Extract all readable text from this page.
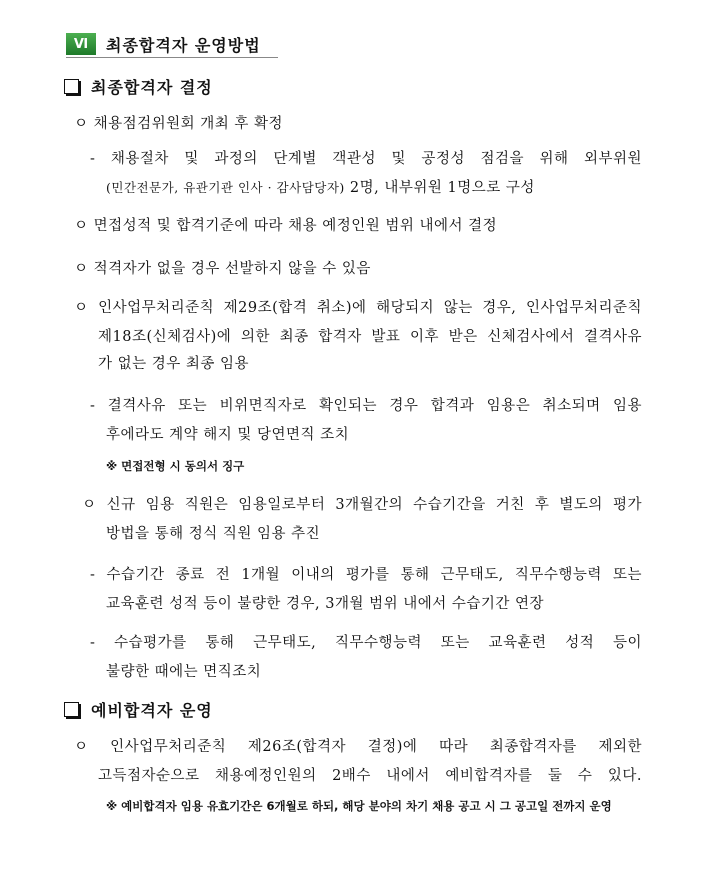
Ⅵ	최종합격자 운영방법
최종합격자 결정
ㅇ 채용점검위원회 개최 후 확정
- 채용절차 및 과정의 단계별 객관성 및 공정성 점검을 위해 외부위원
(민간전문가, 유관기관 인사 · 감사담당자) 2명, 내부위원 1명으로 구성
ㅇ 면접성적 및 합격기준에 따라 채용 예정인원 범위 내에서 결정
ㅇ 적격자가 없을 경우 선발하지 않을 수 있음
ㅇ 인사업무처리준칙 제29조(합격 취소)에 해당되지 않는 경우, 인사업무처리준칙
제18조(신체검사)에 의한 최종 합격자 발표 이후 받은 신체검사에서 결격사유
가 없는 경우 최종 임용
- 결격사유 또는 비위면직자로 확인되는 경우 합격과 임용은 취소되며 임용
후에라도 계약 해지 및 당연면직 조치
※ 면접전형 시 동의서 징구
ㅇ 신규 임용 직원은 임용일로부터 3개월간의 수습기간을 거친 후 별도의 평가
방법을 통해 정식 직원 임용 추진
- 수습기간 종료 전 1개월 이내의 평가를 통해 근무태도, 직무수행능력 또는
교육훈련 성적 등이 불량한 경우, 3개월 범위 내에서 수습기간 연장
- 수습평가를 통해 근무태도, 직무수행능력 또는 교육훈련 성적 등이
불량한 때에는 면직조치
예비합격자 운영
ㅇ 인사업무처리준칙 제26조(합격자 결정)에 따라 최종합격자를 제외한
고득점자순으로 채용예정인원의 2배수 내에서 예비합격자를 둘 수 있다.
※ 예비합격자 임용 유효기간은 6개월로 하되, 해당 분야의 차기 채용 공고 시 그 공고일 전까지 운영
